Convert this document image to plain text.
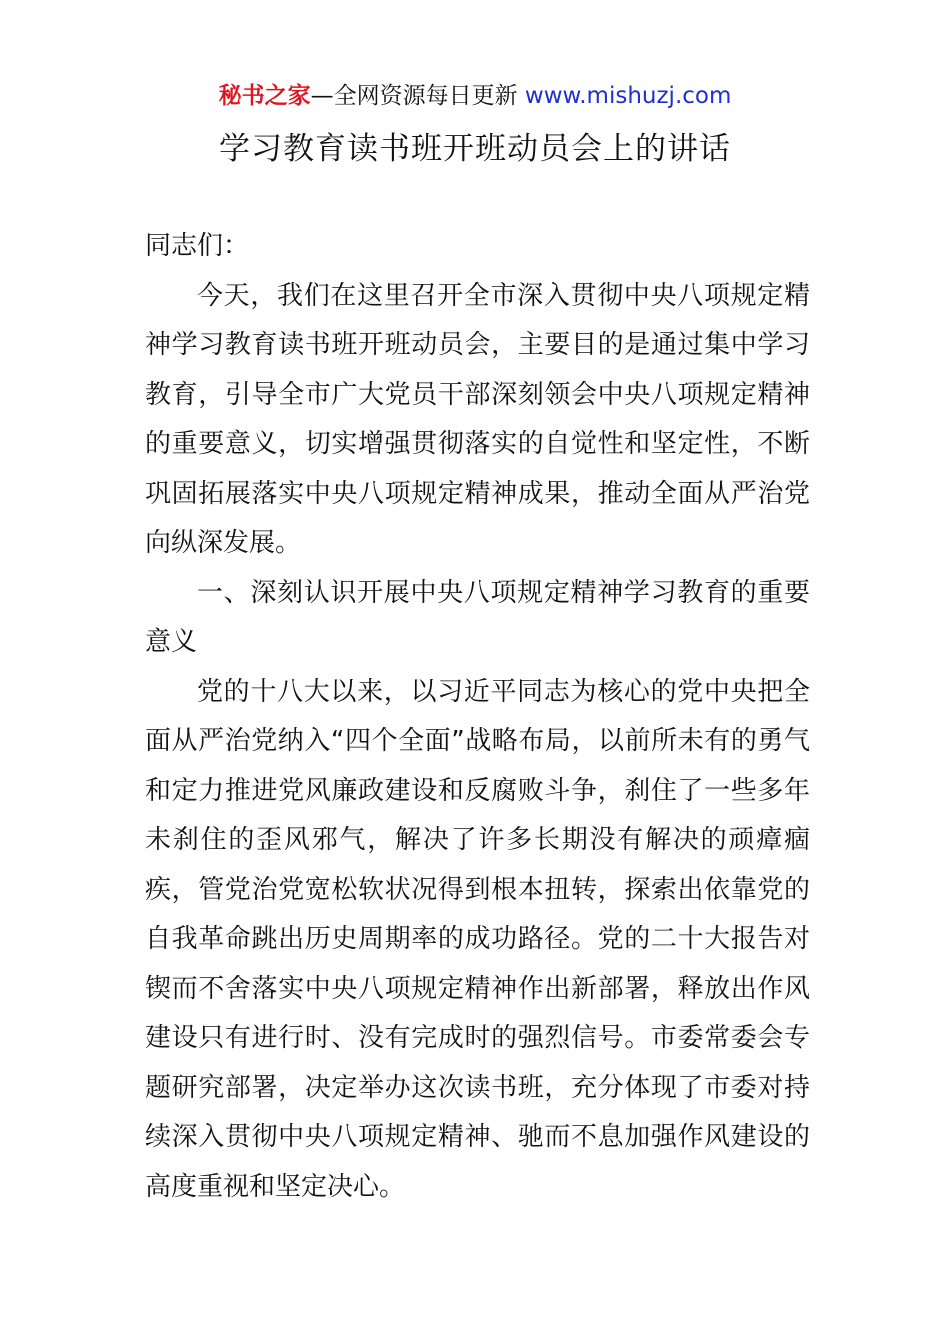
秘书之家—全网资源每日更新 www.mishuzj.com
学习教育读书班开班动员会上的讲话

同志们：

今天，我们在这里召开全市深入贯彻中央八项规定精神学习教育读书班开班动员会，主要目的是通过集中学习教育，引导全市广大党员干部深刻领会中央八项规定精神的重要意义，切实增强贯彻落实的自觉性和坚定性，不断巩固拓展落实中央八项规定精神成果，推动全面从严治党向纵深发展。

一、深刻认识开展中央八项规定精神学习教育的重要意义

党的十八大以来，以习近平同志为核心的党中央把全面从严治党纳入“四个全面”战略布局，以前所未有的勇气和定力推进党风廉政建设和反腐败斗争，刹住了一些多年未刹住的歪风邪气，解决了许多长期没有解决的顽瘴痼疾，管党治党宽松软状况得到根本扭转，探索出依靠党的自我革命跳出历史周期率的成功路径。党的二十大报告对锲而不舍落实中央八项规定精神作出新部署，释放出作风建设只有进行时、没有完成时的强烈信号。市委常委会专题研究部署，决定举办这次读书班，充分体现了市委对持续深入贯彻中央八项规定精神、驰而不息加强作风建设的高度重视和坚定决心。
